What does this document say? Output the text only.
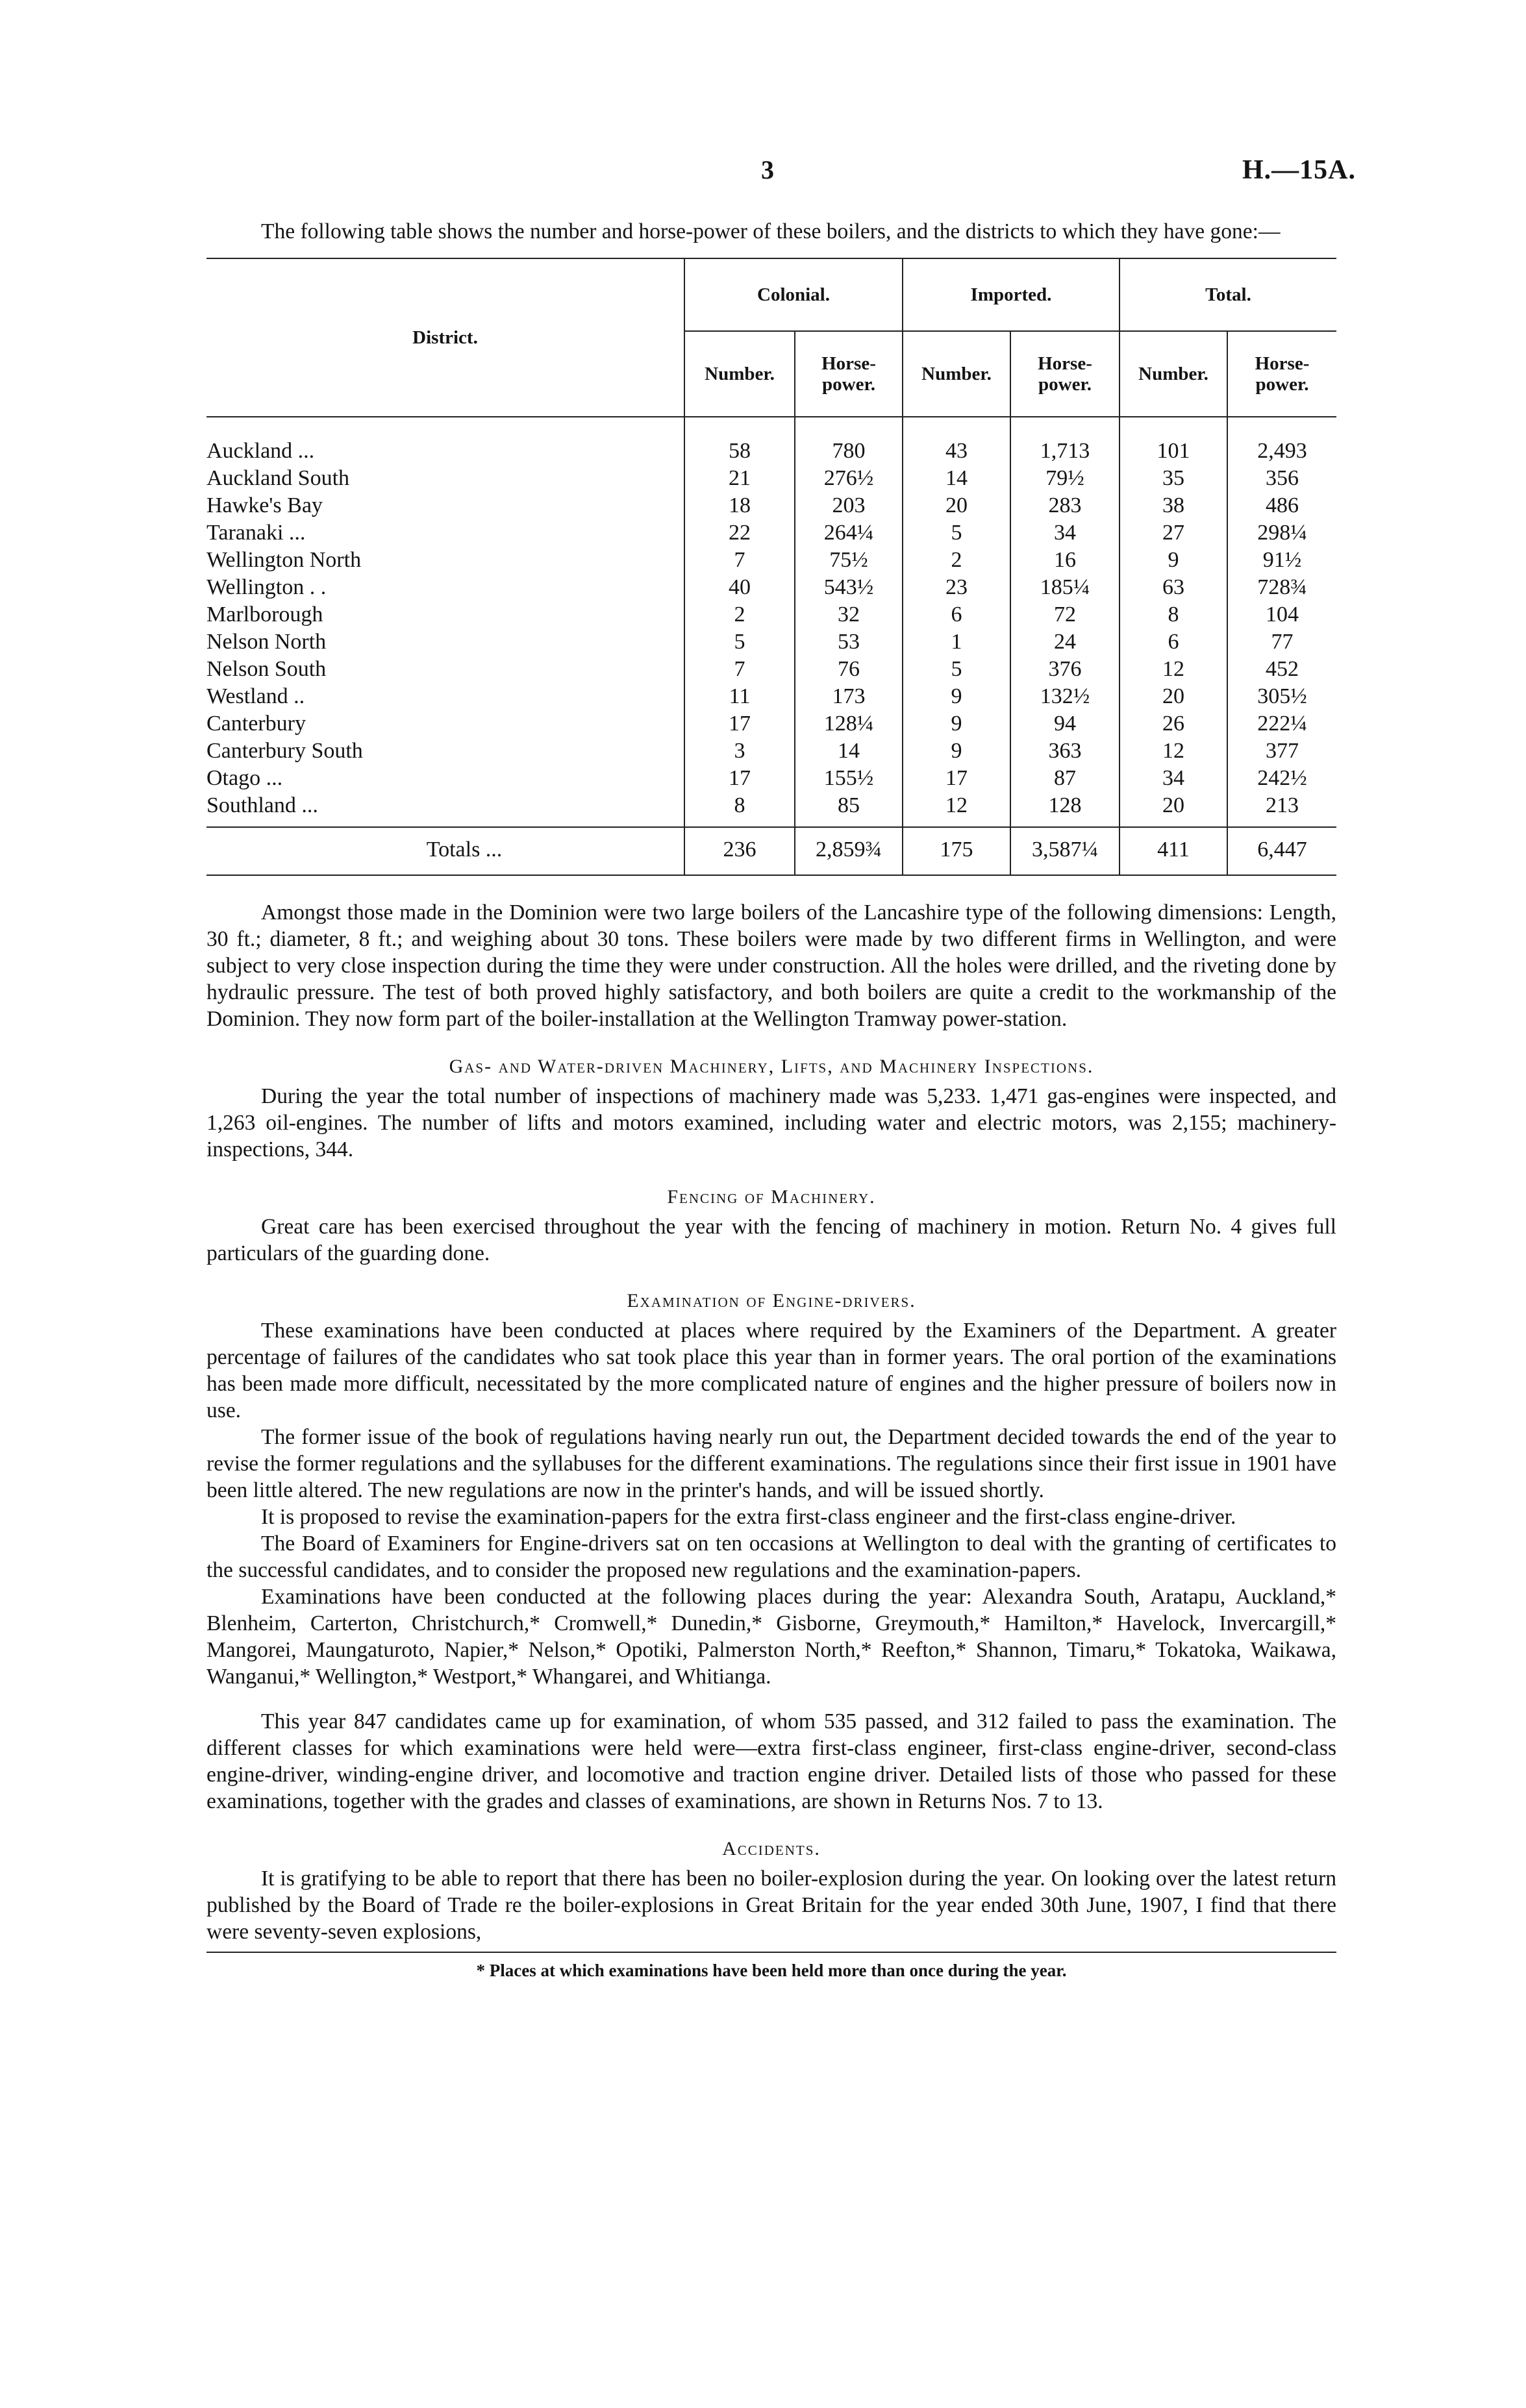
3	H.—15A.

The following table shows the number and horse-power of these boilers, and the districts to which they have gone:—

District.	Colonial.		Imported.		Total.	
	Number.	Horse-power.	Number.	Horse-power.	Number.	Horse-power.
Auckland ...	58	780	43	1,713	101	2,493
Auckland South	21	276½	14	79½	35	356
Hawke's Bay	18	203	20	283	38	486
Taranaki ...	22	264¼	5	34	27	298¼
Wellington North	7	75½	2	16	9	91½
Wellington . .	40	543½	23	185¼	63	728¾
Marlborough	2	32	6	72	8	104
Nelson North	5	53	1	24	6	77
Nelson South	7	76	5	376	12	452
Westland ..	11	173	9	132½	20	305½
Canterbury	17	128¼	9	94	26	222¼
Canterbury South	3	14	9	363	12	377
Otago ...	17	155½	17	87	34	242½
Southland ...	8	85	12	128	20	213
Totals ...	236	2,859¾	175	3,587¼	411	6,447

Amongst those made in the Dominion were two large boilers of the Lancashire type of the following dimensions: Length, 30 ft.; diameter, 8 ft.; and weighing about 30 tons. These boilers were made by two different firms in Wellington, and were subject to very close inspection during the time they were under construction. All the holes were drilled, and the riveting done by hydraulic pressure. The test of both proved highly satisfactory, and both boilers are quite a credit to the workmanship of the Dominion. They now form part of the boiler-installation at the Wellington Tramway power-station.

Gas- and Water-driven Machinery, Lifts, and Machinery Inspections.

During the year the total number of inspections of machinery made was 5,233. 1,471 gas-engines were inspected, and 1,263 oil-engines. The number of lifts and motors examined, including water and electric motors, was 2,155; machinery-inspections, 344.

Fencing of Machinery.

Great care has been exercised throughout the year with the fencing of machinery in motion. Return No. 4 gives full particulars of the guarding done.

Examination of Engine-drivers.

These examinations have been conducted at places where required by the Examiners of the Department. A greater percentage of failures of the candidates who sat took place this year than in former years. The oral portion of the examinations has been made more difficult, necessitated by the more complicated nature of engines and the higher pressure of boilers now in use.

The former issue of the book of regulations having nearly run out, the Department decided towards the end of the year to revise the former regulations and the syllabuses for the different examinations. The regulations since their first issue in 1901 have been little altered. The new regulations are now in the printer's hands, and will be issued shortly.

It is proposed to revise the examination-papers for the extra first-class engineer and the first-class engine-driver.

The Board of Examiners for Engine-drivers sat on ten occasions at Wellington to deal with the granting of certificates to the successful candidates, and to consider the proposed new regulations and the examination-papers.

Examinations have been conducted at the following places during the year: Alexandra South, Aratapu, Auckland,* Blenheim, Carterton, Christchurch,* Cromwell,* Dunedin,* Gisborne, Greymouth,* Hamilton,* Havelock, Invercargill,* Mangorei, Maungaturoto, Napier,* Nelson,* Opotiki, Palmerston North,* Reefton,* Shannon, Timaru,* Tokatoka, Waikawa, Wanganui,* Wellington,* Westport,* Whangarei, and Whitianga.

This year 847 candidates came up for examination, of whom 535 passed, and 312 failed to pass the examination. The different classes for which examinations were held were—extra first-class engineer, first-class engine-driver, second-class engine-driver, winding-engine driver, and locomotive and traction engine driver. Detailed lists of those who passed for these examinations, together with the grades and classes of examinations, are shown in Returns Nos. 7 to 13.

Accidents.

It is gratifying to be able to report that there has been no boiler-explosion during the year. On looking over the latest return published by the Board of Trade re the boiler-explosions in Great Britain for the year ended 30th June, 1907, I find that there were seventy-seven explosions,

* Places at which examinations have been held more than once during the year.
